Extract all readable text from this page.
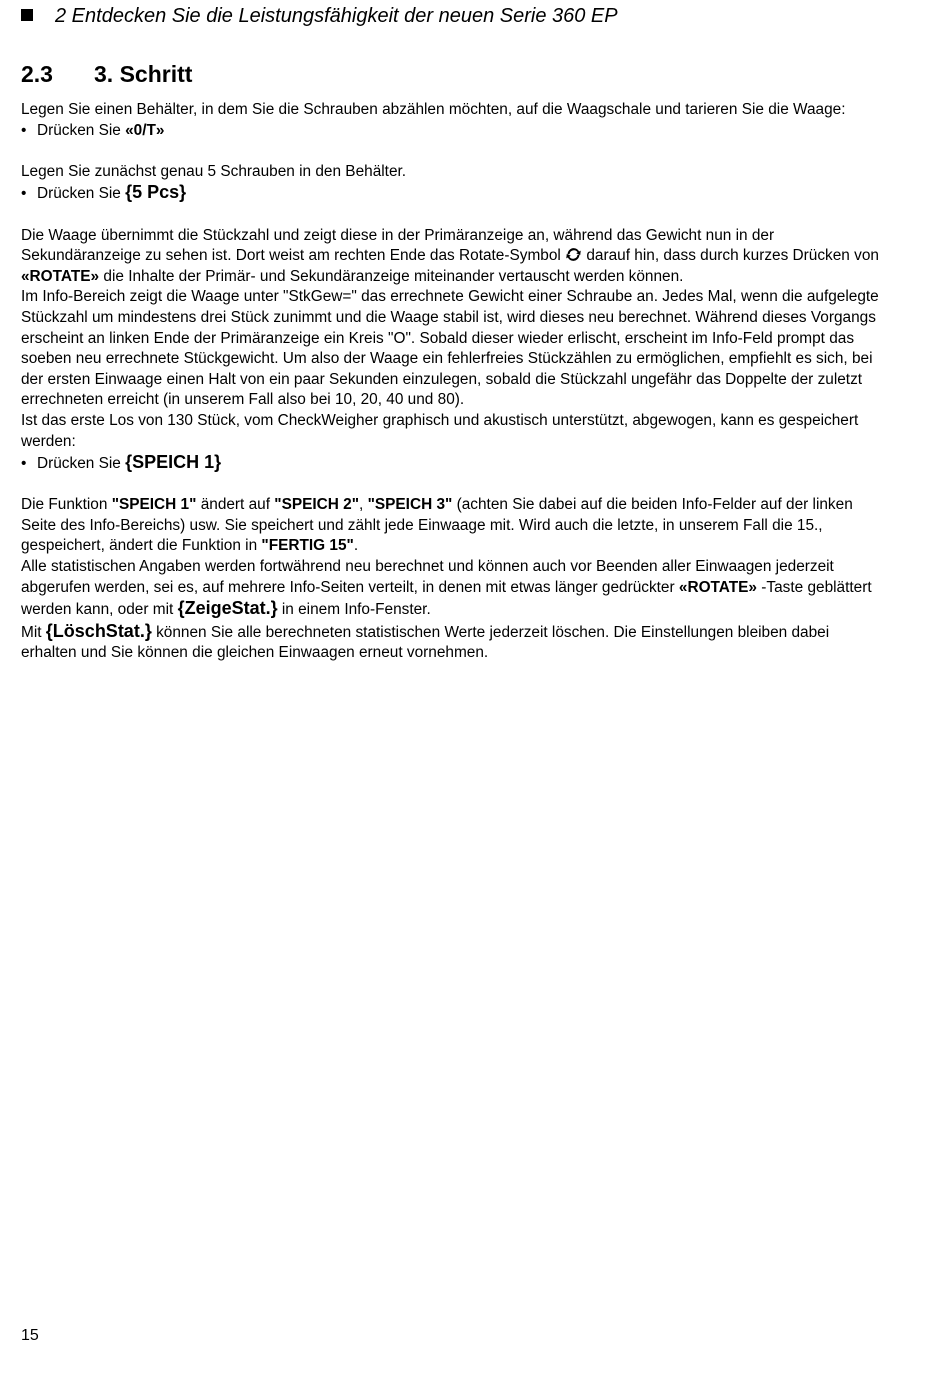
2 Entdecken Sie die Leistungsfähigkeit der neuen Serie 360 EP
2.3 3. Schritt

Legen Sie einen Behälter, in dem Sie die Schrauben abzählen möchten, auf die Waagschale und tarieren Sie die Waage:

• Drücken Sie «0/T»

Legen Sie zunächst genau 5 Schrauben in den Behälter.

• Drücken Sie {5 Pcs}

Die Waage übernimmt die Stückzahl und zeigt diese in der Primäranzeige an, während das Gewicht nun in der Sekundäranzeige zu sehen ist. Dort weist am rechten Ende das Rotate-Symbol  darauf hin, dass durch kurzes Drücken von «ROTATE» die Inhalte der Primär- und Sekundäranzeige miteinander vertauscht werden können.

Im Info-Bereich zeigt die Waage unter "StkGew=" das errechnete Gewicht einer Schraube an. Jedes Mal, wenn die aufgelegte Stückzahl um mindestens drei Stück zunimmt und die Waage stabil ist, wird dieses neu berechnet. Während dieses Vorgangs erscheint an linken Ende der Primäranzeige ein Kreis "O". Sobald dieser wieder erlischt, erscheint im Info-Feld prompt das soeben neu errechnete Stückgewicht. Um also der Waage ein fehlerfreies Stückzählen zu ermöglichen, empfiehlt es sich, bei der ersten Einwaage einen Halt von ein paar Sekunden einzulegen, sobald die Stückzahl ungefähr das Doppelte der zuletzt errechneten erreicht (in unserem Fall also bei 10, 20, 40 und 80).

Ist das erste Los von 130 Stück, vom CheckWeigher graphisch und akustisch unterstützt, abgewogen, kann es gespeichert werden:

• Drücken Sie {SPEICH 1}

Die Funktion "SPEICH 1" ändert auf "SPEICH 2", "SPEICH 3" (achten Sie dabei auf die beiden Info-Felder auf der linken Seite des Info-Bereichs) usw. Sie speichert und zählt jede Einwaage mit. Wird auch die letzte, in unserem Fall die 15., gespeichert, ändert die Funktion in "FERTIG 15".

Alle statistischen Angaben werden fortwährend neu berechnet und können auch vor Beenden aller Einwaagen jederzeit abgerufen werden, sei es, auf mehrere Info-Seiten verteilt, in denen mit etwas länger gedrückter «ROTATE» -Taste geblättert werden kann, oder mit {ZeigeStat.} in einem Info-Fenster.

Mit {LöschStat.} können Sie alle berechneten statistischen Werte jederzeit löschen. Die Einstellungen bleiben dabei erhalten und Sie können die gleichen Einwaagen erneut vornehmen.

15
